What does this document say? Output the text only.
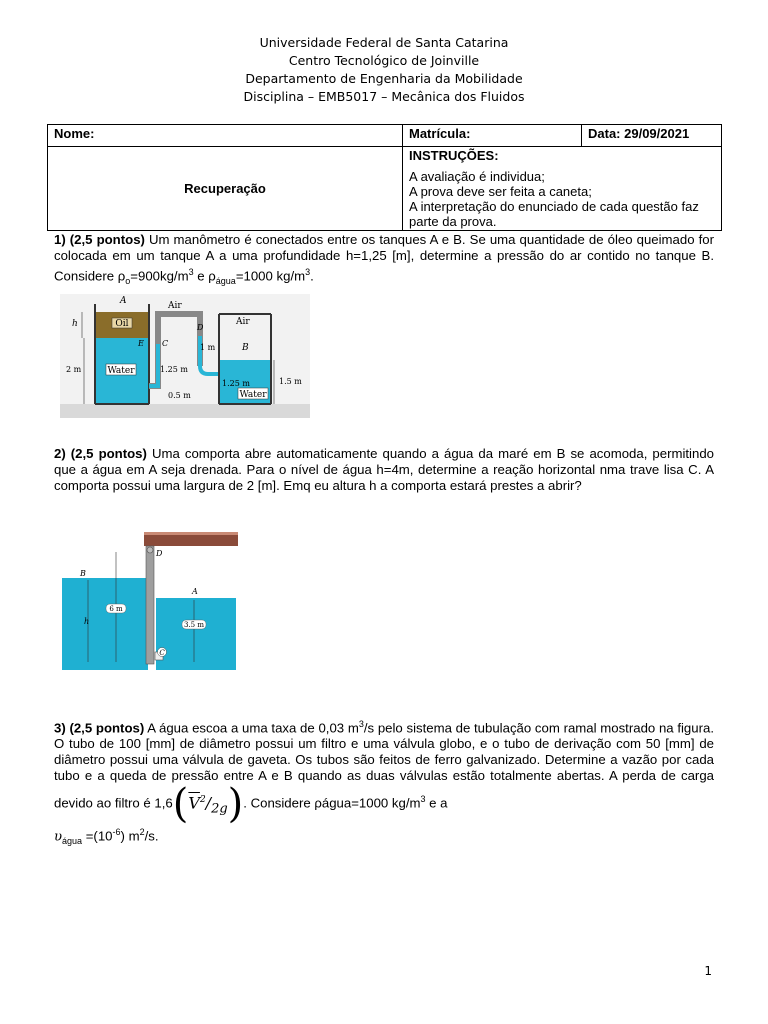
Universidade Federal de Santa Catarina
Centro Tecnológico de Joinville
Departamento de Engenharia da Mobilidade
Disciplina – EMB5017 – Mecânica dos Fluidos
Nome:	Matrícula:	Data: 29/09/2021
Recuperação	INSTRUÇÕES:
A avaliação é individua;
A prova deve ser feita a caneta;
A interpretação do enunciado de cada questão faz parte da prova.	
1) (2,5 pontos) Um manômetro é conectados entre os tanques A e B. Se uma quantidade de óleo queimado for colocada em um tanque A a uma profundidade h=1,25 [m], determine a pressão do ar contido no tanque B. Considere $\rho_o=900kg/m^3$ e $\rho_{água}=1000$ $kg/m^3$.
Oil
Water
A
h
E
2 m
Air
C
D
1 m
1.25 m
0.5 m
Air
B
1.25 m
Water
1.5 m
2) (2,5 pontos) Uma comporta abre automaticamente quando a água da maré em B se acomoda, permitindo que a água em A seja drenada. Para o nível de água h=4m, determine a reação horizontal nma trave lisa C. A comporta possui uma largura de 2 [m]. Emq eu altura h a comporta estará prestes a abrir?
D
B
A
6 m
h	3.5 m
C
3) (2,5 pontos) A água escoa a uma taxa de 0,03 $m^3/s$ pelo sistema de tubulação com ramal mostrado na figura. O tubo de 100 [mm] de diâmetro possui um filtro e uma válvula globo, e o tubo de derivação com 50 [mm] de diâmetro possui uma válvula de gaveta. Os tubos são feitos de ferro galvanizado. Determine a vazão por cada tubo e a queda de pressão entre A e B quando as duas válvulas estão totalmente abertas. A perda de carga devido ao filtro é $1,6(\overline{V}^2/_{2g})$. Considere ρágua=1000 $kg/m^3$ e a
$\upsilon_{água} =(10^{-6})$ $m^2/s$.
1
